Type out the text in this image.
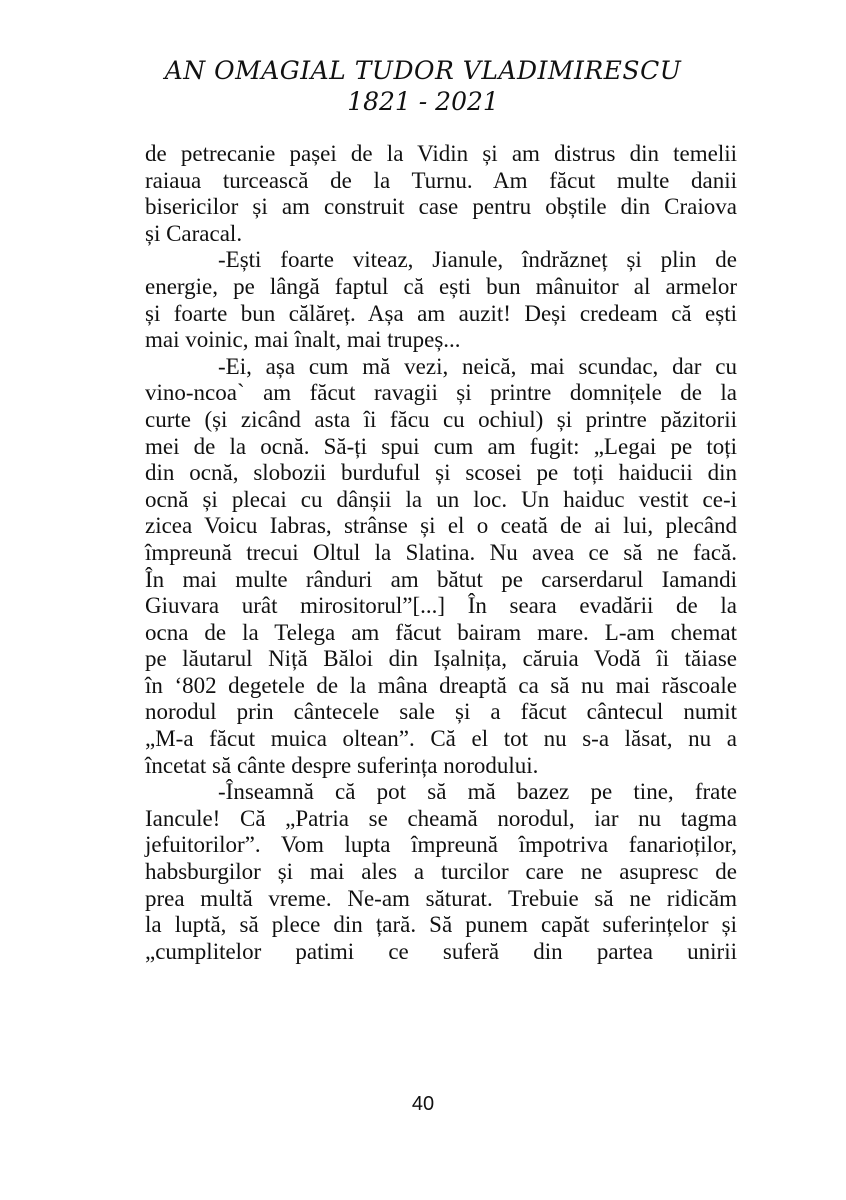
AN OMAGIAL TUDOR VLADIMIRESCU
1821 - 2021
de petrecanie pașei de la Vidin și am distrus din temelii
raiaua turcească de la Turnu. Am făcut multe danii
bisericilor și am construit case pentru obștile din Craiova
și Caracal.
-Ești foarte viteaz, Jianule, îndrăzneț și plin de
energie, pe lângă faptul că ești bun mânuitor al armelor
și foarte bun călăreț. Așa am auzit! Deși credeam că ești
mai voinic, mai înalt, mai trupeș...
-Ei, așa cum mă vezi, neică, mai scundac, dar cu
vino-ncoa` am făcut ravagii și printre domnițele de la
curte (și zicând asta îi făcu cu ochiul) și printre păzitorii
mei de la ocnă. Să-ți spui cum am fugit: „Legai pe toți
din ocnă, slobozii burduful și scosei pe toți haiducii din
ocnă și plecai cu dânșii la un loc. Un haiduc vestit ce-i
zicea Voicu Iabras, strânse și el o ceată de ai lui, plecând
împreună trecui Oltul la Slatina. Nu avea ce să ne facă.
În mai multe rânduri am bătut pe carserdarul Iamandi
Giuvara urât mirositorul”[...] În seara evadării de la
ocna de la Telega am făcut bairam mare. L-am chemat
pe lăutarul Niță Băloi din Ișalnița, căruia Vodă îi tăiase
în ‘802 degetele de la mâna dreaptă ca să nu mai răscoale
norodul prin cântecele sale și a făcut cântecul numit
„M-a făcut muica oltean”. Că el tot nu s-a lăsat, nu a
încetat să cânte despre suferința norodului.
-Înseamnă că pot să mă bazez pe tine, frate
Iancule! Că „Patria se cheamă norodul, iar nu tagma
jefuitorilor”. Vom lupta împreună împotriva fanarioților,
habsburgilor și mai ales a turcilor care ne asupresc de
prea multă vreme. Ne-am săturat. Trebuie să ne ridicăm
la luptă, să plece din țară. Să punem capăt suferințelor și
„cumplitelor patimi ce suferă din partea unirii
40
